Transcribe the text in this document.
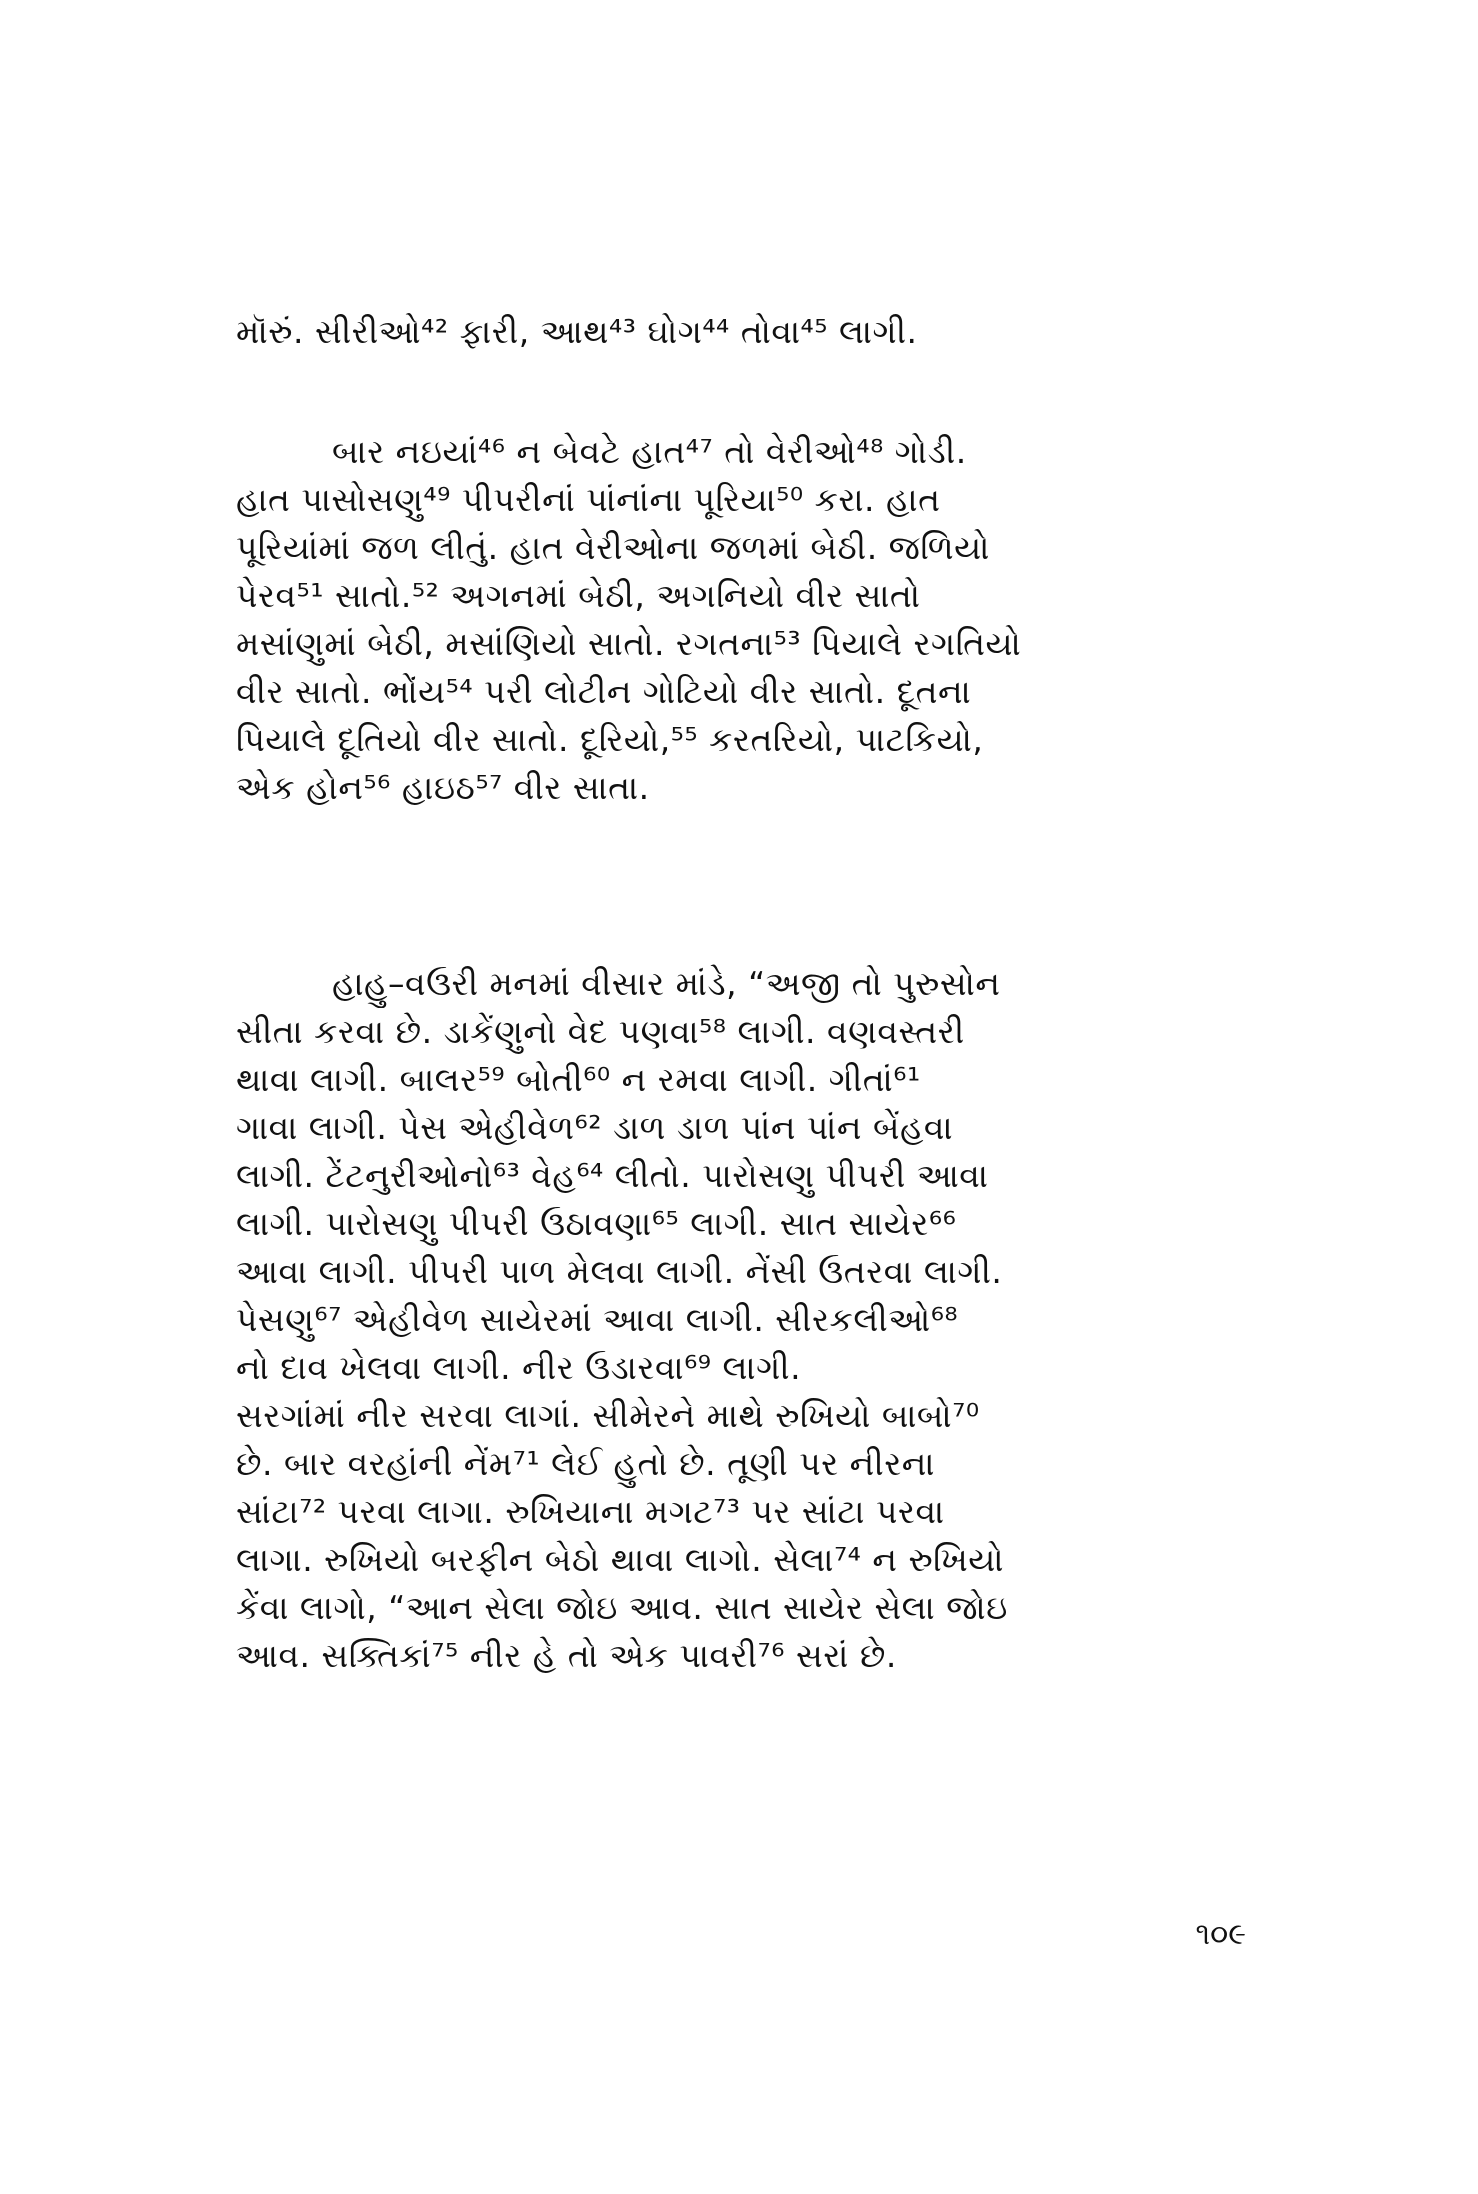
મૉરું. સીરીઓ⁴² ફારી, આથ⁴³ ઘોગ⁴⁴ તોવા⁴⁵ લાગી.
બાર નઇયાં⁴⁶ ન બેવટે હાત⁴⁷ તો વેરીઓ⁴⁸ ગોડી.
હાત પાસોસણુ⁴⁹ પીપરીનાં પાંનાંના પૂરિયા⁵⁰ કરા. હાત
પૂરિયાંમાં જળ લીતું. હાત વેરીઓના જળમાં બેઠી. જળિયો
પેરવ⁵¹ સાતો.⁵² અગનમાં બેઠી, અગનિયો વીર સાતો
મસાંણુમાં બેઠી, મસાંણિયો સાતો. રગતના⁵³ પિયાલે રગતિયો
વીર સાતો. ભોંય⁵⁴ પરી લોટીન ગોટિયો વીર સાતો. દૂતના
પિયાલે દૂતિયો વીર સાતો. દૂરિયો,⁵⁵ કરતરિયો, પાટકિયો,
એક હોન⁵⁶ હાઇઠ⁵⁷ વીર સાતા.
હાહુ–વઉરી મનમાં વીસાર માંડે, “અજી તો પુરુસોન
સીતા કરવા છે. ડાકેંણુનો વેદ પણવા⁵⁸ લાગી. વણવસ્તરી
થાવા લાગી. બાલર⁵⁹ બોતી⁶⁰ ન રમવા લાગી. ગીતાં⁶¹
ગાવા લાગી. પેસ એહીવેળ⁶² ડાળ ડાળ પાંન પાંન બેંહવા
લાગી. ટેંટનુરીઓનો⁶³ વેહ⁶⁴ લીતો. પારોસણુ પીપરી આવા
લાગી. પારોસણુ પીપરી ઉઠાવણા⁶⁵ લાગી. સાત સાયેર⁶⁶
આવા લાગી. પીપરી પાળ મેલવા લાગી. નેંસી ઉતરવા લાગી.
પેસણુ⁶⁷ એહીવેળ સાયેરમાં આવા લાગી. સીરકલીઓ⁶⁸
નો દાવ ખેલવા લાગી. નીર ઉડારવા⁶⁹ લાગી.
સરગાંમાં નીર સરવા લાગાં. સીમેરને માથે રુખિયો બાબો⁷⁰
છે. બાર વરહાંની નેંમ⁷¹ લેઈ હુતો છે. તૂણી પર નીરના
સાંટા⁷² પરવા લાગા. રુખિયાના મગટ⁷³ પર સાંટા પરવા
લાગા. રુખિયો બરફીન બેઠો થાવા લાગો. સેલા⁷⁴ ન રુખિયો
કેંવા લાગો, “આન સેલા જોઇ આવ. સાત સાયેર સેલા જોઇ
આવ. સક્તિકાં⁷⁵ નીર હે તો એક પાવરી⁷⁶ સરાં છે.
૧૦૯
